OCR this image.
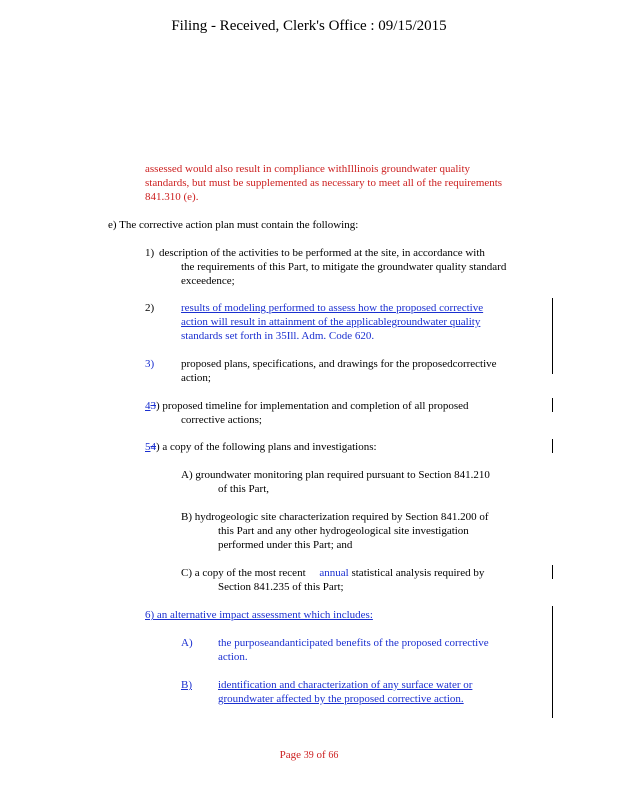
Filing - Received, Clerk's Office : 09/15/2015
assessed would also result in compliance withIllinois groundwater quality
standards, but must be supplemented as necessary to meet all of the requirements
841.310 (e).
e) The corrective action plan must contain the following:
1) description of the activities to be performed at the site, in accordance with
the requirements of this Part, to mitigate the groundwater quality standard
exceedence;
2) results of modeling performed to assess how the proposed corrective
action will result in attainment of the applicablegroundwater quality
standards set forth in 35Ill. Adm. Code 620.
3) proposed plans, specifications, and drawings for the proposedcorrective
action;
43) proposed timeline for implementation and completion of all proposed
corrective actions;
54) a copy of the following plans and investigations:
A) groundwater monitoring plan required pursuant to Section 841.210
of this Part,
B) hydrogeologic site characterization required by Section 841.200 of
this Part and any other hydrogeological site investigation
performed under this Part; and
C) a copy of the most recent annual statistical analysis required by
Section 841.235 of this Part;
6) an alternative impact assessment which includes:
A) the purposeandanticipated benefits of the proposed corrective
action.
B) identification and characterization of any surface water or
groundwater affected by the proposed corrective action.
Page 39 of 66
